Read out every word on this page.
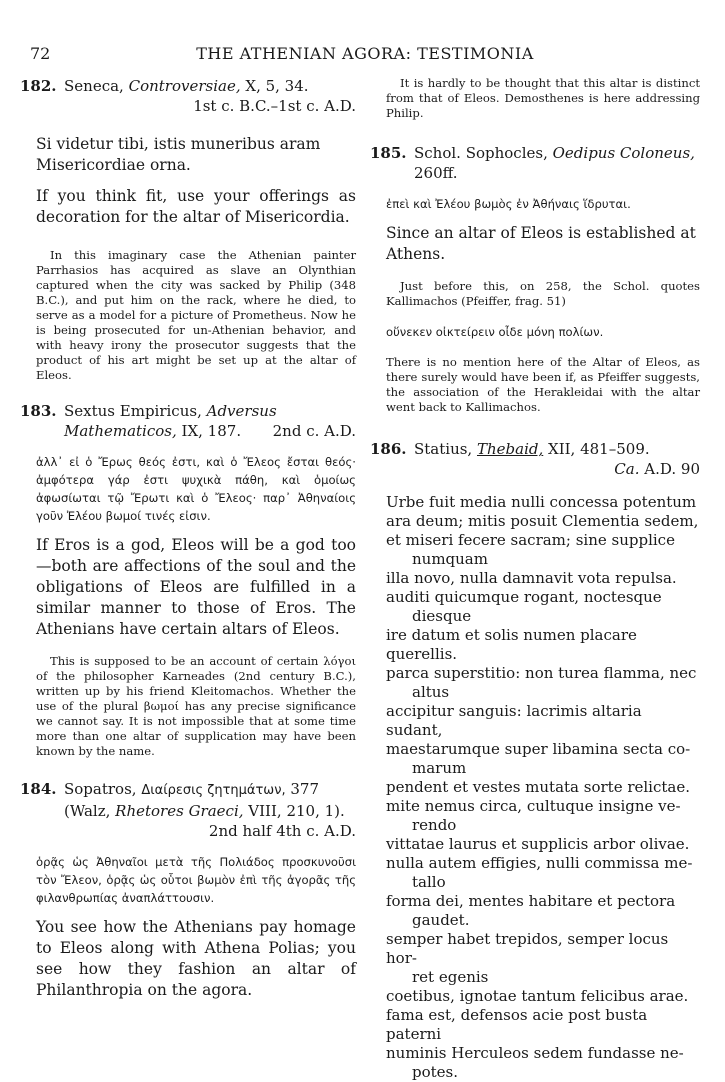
72	THE ATHENIAN AGORA: TESTIMONIA
182. Seneca, Controversiae, X, 5, 34.
1st c. B.C.–1st c. A.D.
Si videtur tibi, istis muneribus aram Misericordiae orna.
If you think fit, use your offerings as decoration for the altar of Misericordia.
In this imaginary case the Athenian painter Parrhasios has acquired as slave an Olynthian captured when the city was sacked by Philip (348 B.C.), and put him on the rack, where he died, to serve as a model for a picture of Prometheus. Now he is being prosecuted for un-Athenian behavior, and with heavy irony the prosecutor suggests that the product of his art might be set up at the altar of Eleos.
183. Sextus Empiricus, Adversus Mathematicos, IX, 187. 2nd c. A.D.
ἀλλ᾽ εἰ ὁ Ἔρως θεός ἐστι, καὶ ὁ Ἔλεος ἔσται θεός· ἀμφότερα γάρ ἐστι ψυχικὰ πάθη, καὶ ὁμοίως ἀφωσίωται τῷ Ἔρωτι καὶ ὁ Ἔλεος· παρ᾽ Ἀθηναίοις γοῦν Ἐλέου βωμοί τινές εἰσιν.
If Eros is a god, Eleos will be a god too —both are affections of the soul and the obligations of Eleos are fulfilled in a similar manner to those of Eros. The Athenians have certain altars of Eleos.
This is supposed to be an account of certain λόγοι of the philosopher Karneades (2nd century B.C.), written up by his friend Kleitomachos. Whether the use of the plural βωμοί has any precise significance we cannot say. It is not impossible that at some time more than one altar of supplication may have been known by the name.
184. Sopatros, Διαίρεσις ζητημάτων, 377 (Walz, Rhetores Graeci, VIII, 210, 1).
2nd half 4th c. A.D.
ὁρᾷς ὡς Ἀθηναῖοι μετὰ τῆς Πολιάδος προσκυνοῦσι τὸν Ἔλεον, ὁρᾷς ὡς οὗτοι βωμὸν ἐπὶ τῆς ἀγορᾶς τῆς φιλανθρωπίας ἀναπλάττουσιν.
You see how the Athenians pay homage to Eleos along with Athena Polias; you see how they fashion an altar of Philanthropia on the agora.
It is hardly to be thought that this altar is distinct from that of Eleos. Demosthenes is here addressing Philip.
185. Schol. Sophocles, Oedipus Coloneus, 260ff.
ἐπεὶ καὶ Ἐλέου βωμὸς ἐν Ἀθήναις ἵδρυται.
Since an altar of Eleos is established at Athens.
Just before this, on 258, the Schol. quotes Kallimachos (Pfeiffer, frag. 51)
οὕνεκεν οἰκτείρειν οἶδε μόνη πολίων.
There is no mention here of the Altar of Eleos, as there surely would have been if, as Pfeiffer suggests, the association of the Herakleidai with the altar went back to Kallimachos.
186. Statius, Thebaid, XII, 481–509.
Ca. A.D. 90
Urbe fuit media nulli concessa potentum
ara deum; mitis posuit Clementia sedem,
et miseri fecere sacram; sine supplice
numquam
illa novo, nulla damnavit vota repulsa.
auditi quicumque rogant, noctesque
diesque
ire datum et solis numen placare querellis.
parca superstitio: non turea flamma, nec
altus
accipitur sanguis: lacrimis altaria sudant,
maestarumque super libamina secta co-
marum
pendent et vestes mutata sorte relictae.
mite nemus circa, cultuque insigne ve-
rendo
vittatae laurus et supplicis arbor olivae.
nulla autem effigies, nulli commissa me-
tallo
forma dei, mentes habitare et pectora
gaudet.
semper habet trepidos, semper locus hor-
ret egenis
coetibus, ignotae tantum felicibus arae.
fama est, defensos acie post busta paterni
numinis Herculeos sedem fundasse ne-
potes.
